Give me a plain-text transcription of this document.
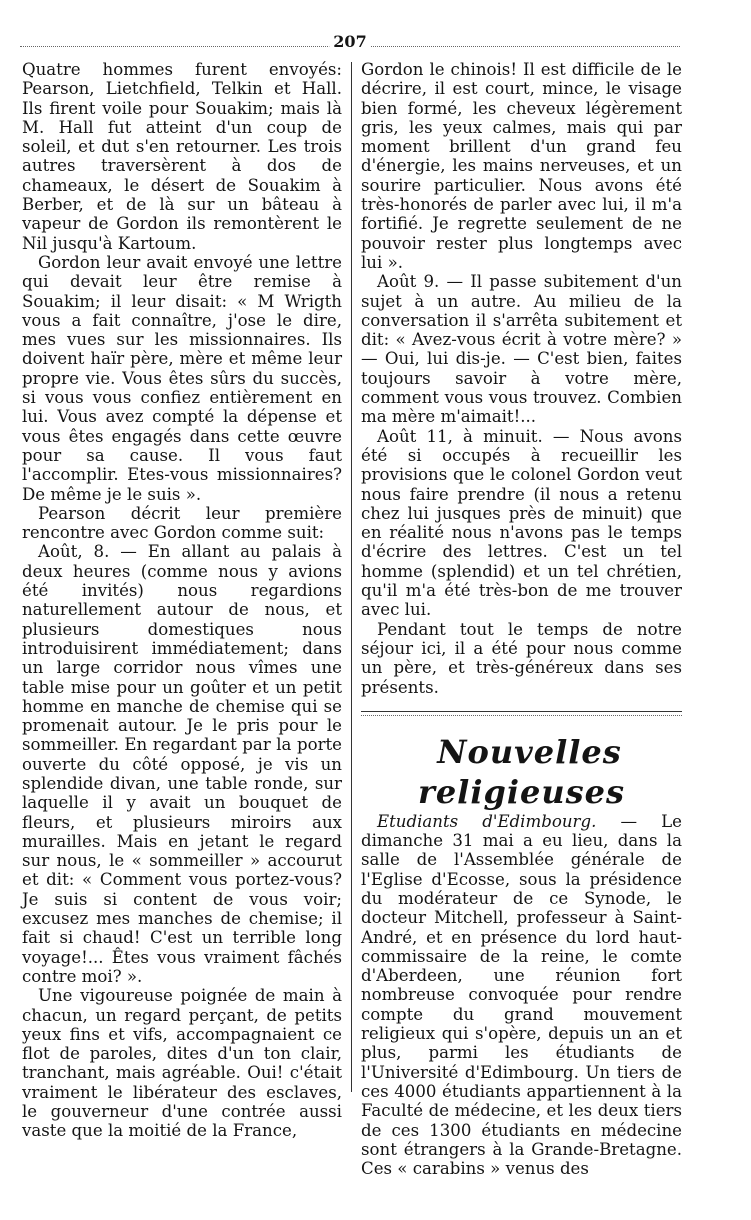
207

Quatre hommes furent envoyés: Pearson, Lietchfield, Telkin et Hall. Ils firent voile pour Souakim; mais là M. Hall fut atteint d'un coup de soleil, et dut s'en retourner. Les trois autres traversèrent à dos de chameaux, le désert de Souakim à Berber, et de là sur un bâteau à vapeur de Gordon ils remontèrent le Nil jusqu'à Kartoum.

Gordon leur avait envoyé une lettre qui devait leur être remise à Souakim; il leur disait: « M Wrigth vous a fait connaître, j'ose le dire, mes vues sur les missionnaires. Ils doivent haïr père, mère et même leur propre vie. Vous êtes sûrs du succès, si vous vous confiez entièrement en lui. Vous avez compté la dépense et vous êtes engagés dans cette œuvre pour sa cause. Il vous faut l'accomplir. Etes-vous missionnaires? De même je le suis ».

Pearson décrit leur première rencontre avec Gordon comme suit:

Août, 8. — En allant au palais à deux heures (comme nous y avions été invités) nous regardions naturellement autour de nous, et plusieurs domestiques nous introduisirent immédiatement; dans un large corridor nous vîmes une table mise pour un goûter et un petit homme en manche de chemise qui se promenait autour. Je le pris pour le sommeiller. En regardant par la porte ouverte du côté opposé, je vis un splendide divan, une table ronde, sur laquelle il y avait un bouquet de fleurs, et plusieurs miroirs aux murailles. Mais en jetant le regard sur nous, le « sommeiller » accourut et dit: « Comment vous portez-vous? Je suis si content de vous voir; excusez mes manches de chemise; il fait si chaud! C'est un terrible long voyage!... Êtes vous vraiment fâchés contre moi? ».

Une vigoureuse poignée de main à chacun, un regard perçant, de petits yeux fins et vifs, accompagnaient ce flot de paroles, dites d'un ton clair, tranchant, mais agréable. Oui! c'était vraiment le libérateur des esclaves, le gouverneur d'une contrée aussi vaste que la moitié de la France,

Gordon le chinois! Il est difficile de le décrire, il est court, mince, le visage bien formé, les cheveux légèrement gris, les yeux calmes, mais qui par moment brillent d'un grand feu d'énergie, les mains nerveuses, et un sourire particulier. Nous avons été très-honorés de parler avec lui, il m'a fortifié. Je regrette seulement de ne pouvoir rester plus longtemps avec lui ».

Août 9. — Il passe subitement d'un sujet à un autre. Au milieu de la conversation il s'arrêta subitement et dit: « Avez-vous écrit à votre mère? » — Oui, lui dis-je. — C'est bien, faites toujours savoir à votre mère, comment vous vous trouvez. Combien ma mère m'aimait!...

Août 11, à minuit. — Nous avons été si occupés à recueillir les provisions que le colonel Gordon veut nous faire prendre (il nous a retenu chez lui jusques près de minuit) que en réalité nous n'avons pas le temps d'écrire des lettres. C'est un tel homme (splendid) et un tel chrétien, qu'il m'a été très-bon de me trouver avec lui.

Pendant tout le temps de notre séjour ici, il a été pour nous comme un père, et très-généreux dans ses présents.

Nouvelles religieuses

Etudiants d'Edimbourg. — Le dimanche 31 mai a eu lieu, dans la salle de l'Assemblée générale de l'Eglise d'Ecosse, sous la présidence du modérateur de ce Synode, le docteur Mitchell, professeur à Saint-André, et en présence du lord haut-commissaire de la reine, le comte d'Aberdeen, une réunion fort nombreuse convoquée pour rendre compte du grand mouvement religieux qui s'opère, depuis un an et plus, parmi les étudiants de l'Université d'Edimbourg. Un tiers de ces 4000 étudiants appartiennent à la Faculté de médecine, et les deux tiers de ces 1300 étudiants en médecine sont étrangers à la Grande-Bretagne. Ces « carabins » venus des
